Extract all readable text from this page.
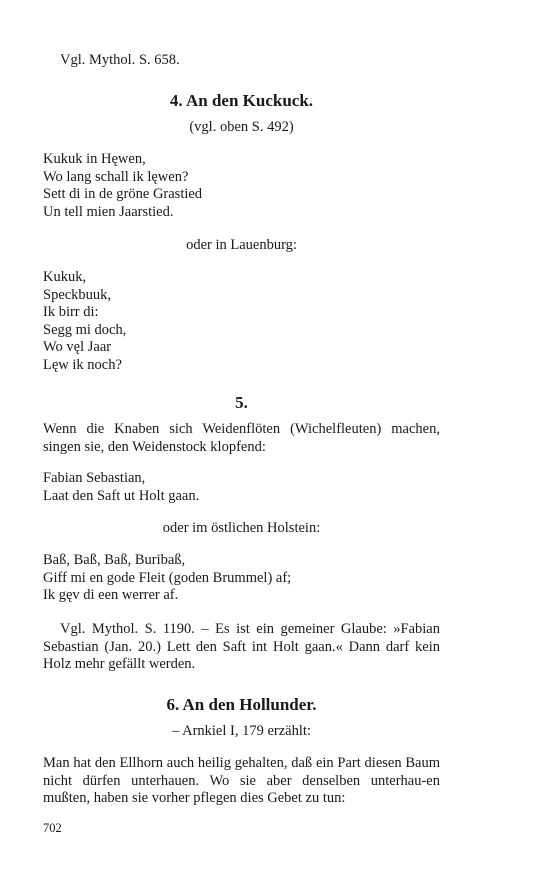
Vgl. Mythol. S. 658.
4. An den Kuckuck.
(vgl. oben S. 492)
Kukuk in Hęwen,
Wo lang schall ik lęwen?
Sett di in de gröne Grastied
Un tell mien Jaarstied.
oder in Lauenburg:
Kukuk,
Speckbuuk,
Ik birr di:
Segg mi doch,
Wo vęl Jaar
Lęw ik noch?
5.
Wenn die Knaben sich Weidenflöten (Wichelfleuten) machen, singen sie, den Weidenstock klopfend:
Fabian Sebastian,
Laat den Saft ut Holt gaan.
oder im östlichen Holstein:
Baß, Baß, Baß, Buribaß,
Giff mi en gode Fleit (goden Brummel) af;
Ik gęv di een werrer af.
Vgl. Mythol. S. 1190. – Es ist ein gemeiner Glaube: »Fabian Sebastian (Jan. 20.) Lett den Saft int Holt gaan.« Dann darf kein Holz mehr gefällt werden.
6. An den Hollunder.
– Arnkiel I, 179 erzählt:
Man hat den Ellhorn auch heilig gehalten, daß ein Part diesen Baum nicht dürfen unterhauen. Wo sie aber denselben unterhau-en mußten, haben sie vorher pflegen dies Gebet zu tun:
702
